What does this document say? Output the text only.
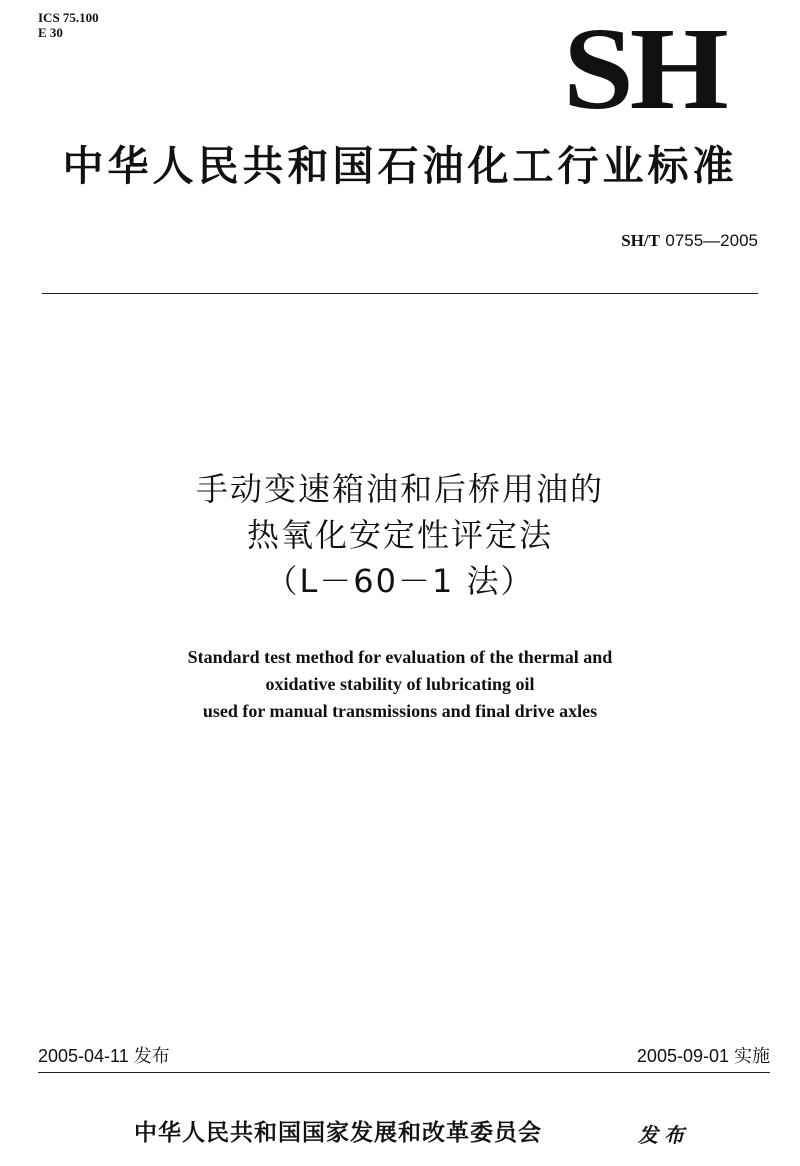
ICS 75.100
E 30	SH
中华人民共和国石油化工行业标准
SH/T 0755—2005
手动变速箱油和后桥用油的
热氧化安定性评定法
（L－60－1 法）
Standard test method for evaluation of the thermal and
oxidative stability of lubricating oil
used for manual transmissions and final drive axles
2005-04-11 发布	2005-09-01 实施
中华人民共和国国家发展和改革委员会	发布
